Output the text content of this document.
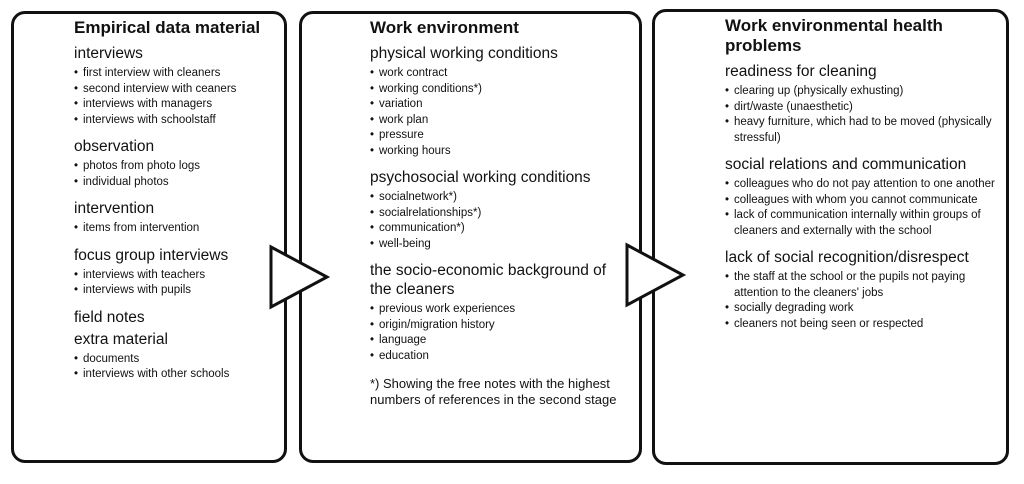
Empirical data material
interviews
• first interview with cleaners
• second interview with ceaners
• interviews with managers
• interviews with schoolstaff
observation
• photos from photo logs
• individual photos
intervention
• items from intervention
focus group interviews
• interviews with teachers
• interviews with pupils
field notes
extra material
• documents
• interviews with other schools
Work environment
physical working conditions
• work contract
• working conditions*)
• variation
• work plan
• pressure
• working hours
psychosocial working conditions
• socialnetwork*)
• socialrelationships*)
• communication*)
• well-being
the socio-economic background of the cleaners
• previous work experiences
• origin/migration history
• language
• education
*) Showing the free notes with the highest numbers of references in the second stage
Work environmental health problems
readiness for cleaning
• clearing up (physically exhusting)
• dirt/waste (unaesthetic)
• heavy furniture, which had to be moved (physically stressful)
social relations and communication
• colleagues who do not pay attention to one another
• colleagues with whom you cannot communicate
• lack of communication internally within groups of cleaners and externally with the school
lack of social recognition/disrespect
• the staff at the school or the pupils not paying attention to the cleaners' jobs
• socially degrading work
• cleaners not being seen or respected
